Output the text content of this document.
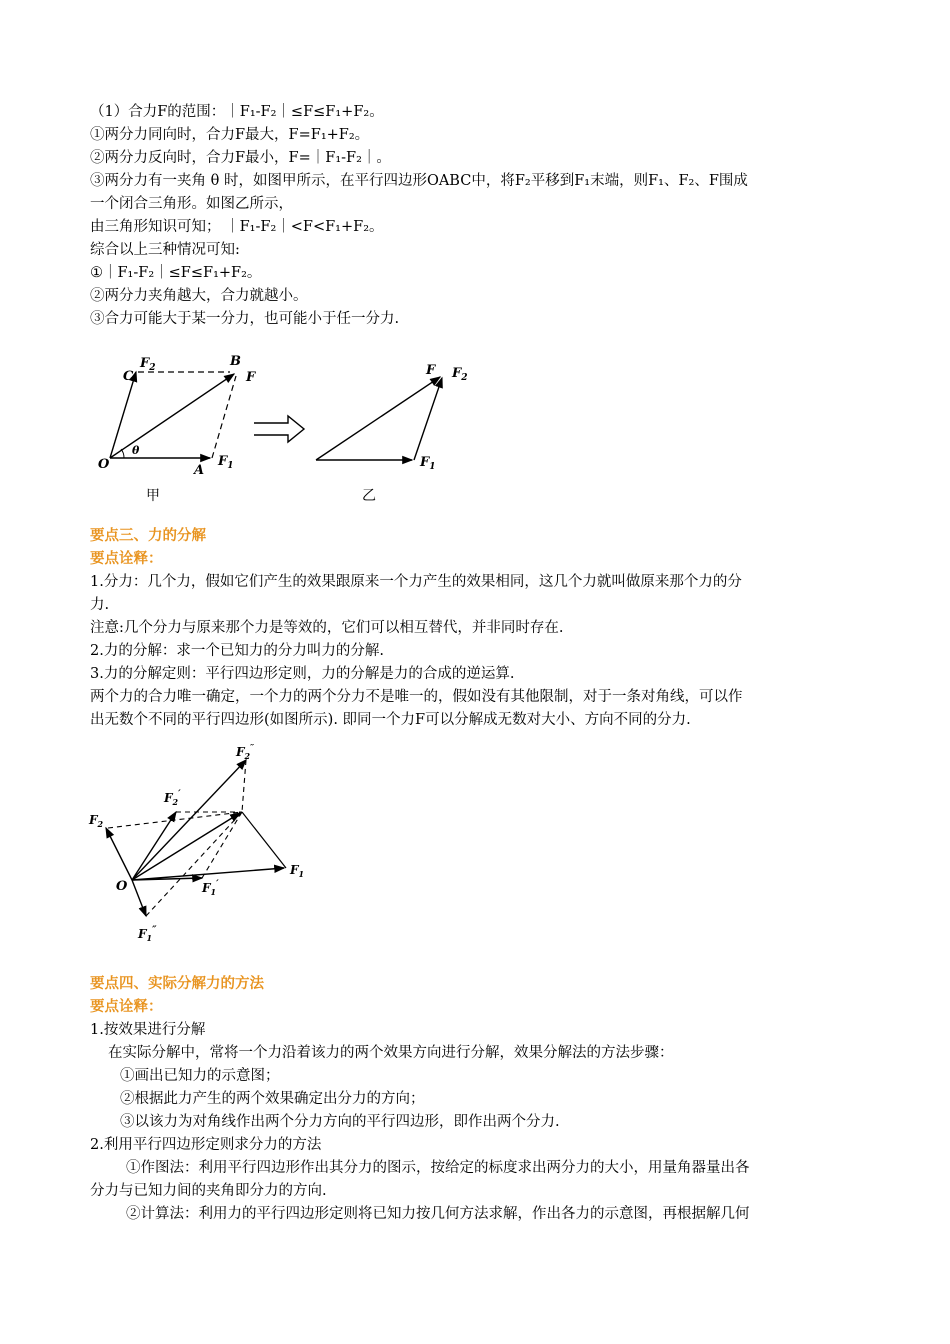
（1）合力F的范围：｜F₁-F₂｜≤F≤F₁+F₂。
①两分力同向时，合力F最大，F=F₁+F₂。
②两分力反向时，合力F最小，F=｜F₁-F₂｜。
③两分力有一夹角 θ 时，如图甲所示，在平行四边形OABC中，将F₂平移到F₁末端，则F₁、F₂、F围成
一个闭合三角形。如图乙所示，
由三角形知识可知； ｜F₁-F₂｜<F<F₁+F₂。
综合以上三种情况可知:
①｜F₁-F₂｜≤F≤F₁+F₂。
②两分力夹角越大，合力就越小。
③合力可能大于某一分力，也可能小于任一分力.
C
$F_2$	B
F
O
θ
A
$F_1$
甲
F $F_2$
$F_1$
乙
要点三、力的分解
要点诠释：
1.分力：几个力，假如它们产生的效果跟原来一个力产生的效果相同，这几个力就叫做原来那个力的分
力.
注意:几个分力与原来那个力是等效的，它们可以相互替代，并非同时存在.
2.力的分解：求一个已知力的分力叫力的分解.
3.力的分解定则：平行四边形定则，力的分解是力的合成的逆运算.
两个力的合力唯一确定，一个力的两个分力不是唯一的，假如没有其他限制，对于一条对角线，可以作
出无数个不同的平行四边形(如图所示). 即同一个力F可以分解成无数对大小、方向不同的分力.
$F_2''$
$F_2'$
$F_2$
O
$F_1$
$F_1'$
$F_1''$
要点四、实际分解力的方法
要点诠释：
1.按效果进行分解
在实际分解中，常将一个力沿着该力的两个效果方向进行分解，效果分解法的方法步骤：
①画出已知力的示意图；
②根据此力产生的两个效果确定出分力的方向；
③以该力为对角线作出两个分力方向的平行四边形，即作出两个分力.
2.利用平行四边形定则求分力的方法
①作图法：利用平行四边形作出其分力的图示，按给定的标度求出两分力的大小，用量角器量出各
分力与已知力间的夹角即分力的方向.
②计算法：利用力的平行四边形定则将已知力按几何方法求解，作出各力的示意图，再根据解几何
